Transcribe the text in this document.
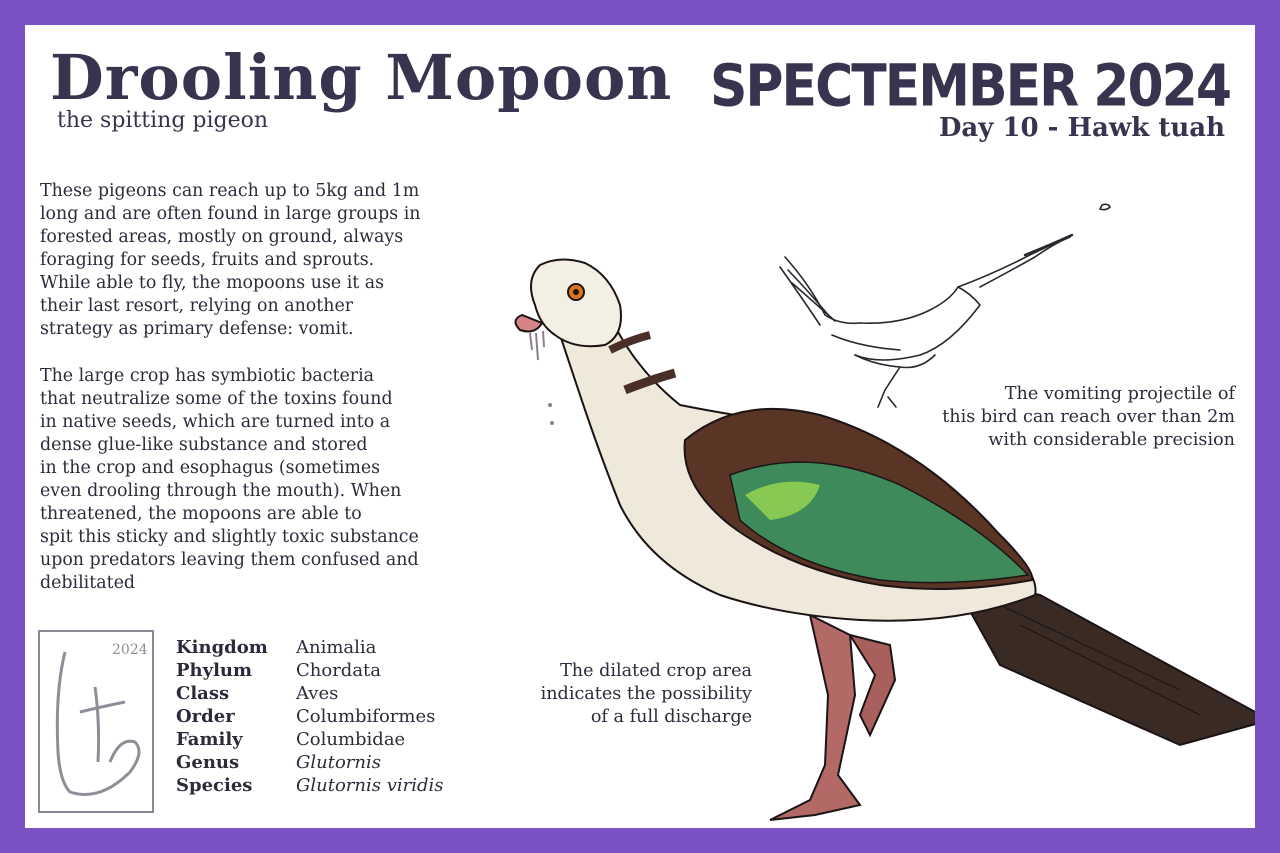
Drooling Mopoon
the spitting pigeon
SPECTEMBER 2024
Day 10 - Hawk tuah
These pigeons can reach up to 5kg and 1m
long and are often found in large groups in
forested areas, mostly on ground, always
foraging for seeds, fruits and sprouts.
While able to fly, the mopoons use it as
their last resort, relying on another
strategy as primary defense: vomit.
The large crop has symbiotic bacteria
that neutralize some of the toxins found
in native seeds, which are turned into a
dense glue-like substance and stored
in the crop and esophagus (sometimes
even drooling through the mouth). When
threatened, the mopoons are able to
spit this sticky and slightly toxic substance
upon predators leaving them confused and
debilitated
The vomiting projectile of
this bird can reach over than 2m
with considerable precision
The dilated crop area
indicates the possibility
of a full discharge
2024 Kingdom	Animalia
Phylum	Chordata
Class	Aves
Order	Columbiformes
Family	Columbidae
Genus	Glutornis
Species	Glutornis viridis
